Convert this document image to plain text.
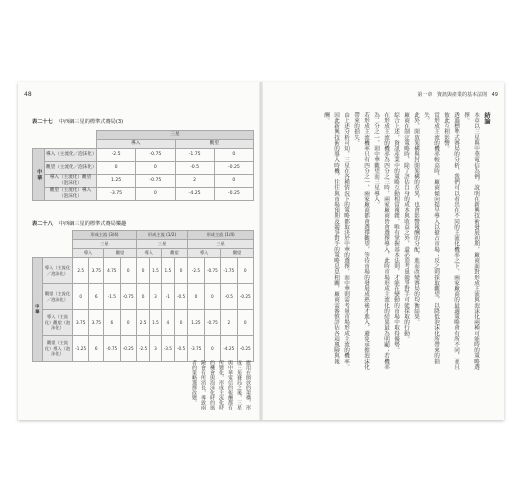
48
表二十七 中西綱三星的標準式賽局(3)
		三星			
		導入		觀望	
中華	導入（主流化／泡沫化）	-2.5	-0.75	-1.75	0
	觀望（主流化／泡沫化）	0	0	-0.5	-0.25
	導入（主流化）觀望（泡沫化）	1.25	-0.75	2	0
	觀望（主流化）導入（泡沫化）	-3.75	0	-4.25	-0.25
表二十八 中西綱三星的標準式賽局樂趣
		形成主流 (3/4)				形成主流 (1/2)				形成主流 (1/4)			
		三星				三星				三星			
		導入		觀望		導入		觀望		導入		觀望	
中華	導入（主流化／泡沫化）	2.5	3.75	4.75	0	0	1.5	1.5	0	-2.5	-0.75	-1.75	0
	觀望（主流化／泡沫化）	0	6	-1.5	-0.75	0	3	-1	-0.5	0	0	-0.5	-0.25
	導入（主流化）觀望（泡沫化）	3.75	3.75	6	0	2.5	1.5	4	0	1.25	-0.75	2	0
	觀望（主流化）導入（泡沫化）	-1.25	6	-0.75	-0.25	-2.5	3	-3.5	-0.5	-3.75	0	-4.25	-0.25
應用在開放的架構，形成三角賽局之後，三星與中華電信的報酬都有所變化，形成主流化時的機會與泡沫化時的風險會有所消長，導致兩者的策略選擇改變。
第一章 資訊與產業的基本法則 49
結論
本章以三星與中華電信為例，說明在新興技術發展初期，廠商面對形成主流與泡沫化兩種可能時的策略選擇。
透過標準式賽局的分析，我們可以看出在不同的主流化機率之下，兩家廠商的最適策略會有所不同，並且彼此互相影響。
當形成主流的機率較高時，廠商傾向提早導入以搶占市場；反之則採取觀望，以降低泡沫化所帶來的損失。
此外，開放架構與封閉架構的差異，也會影響報酬的分配，進而改變賽局的均衡結果。
廠商在制定策略時，除了評估自身的成本與收益之外，還必須考量競爭對手可能採取的行動。
綜合上述，資訊產業中的策略互動相當複雜，唯有掌握基本法則，才能在變動的市場中取得優勢。
在形成主流的機率為四分之三時，兩家廠商皆會選擇導入，此時市場形成主流化的結果最為明顯；若機率為二分之一，則中華觀望而三星導入。
若形成主流機率只有四分之一，兩家廠商都會選擇觀望，等待市場的發展成熟後才進入，避免承擔泡沫化帶來的損失。
由上述分析可知，三星在各種情況下的策略都取決於中華的選擇，而中華則需考量市場形成主流的機率。
因此新興技術的導入時機，往往與市場預期及競爭對手的策略息息相關，廠商需審慎評估各項風險與報酬。
